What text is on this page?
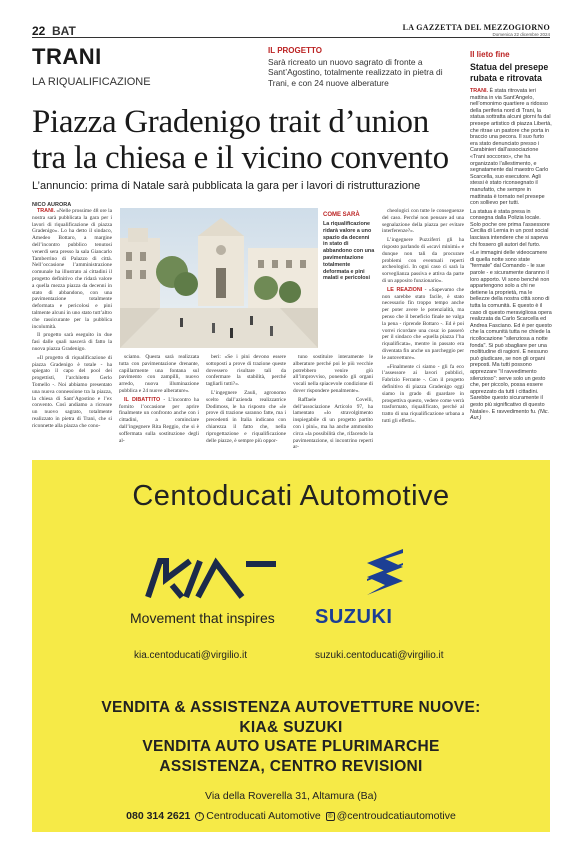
22 BAT	LA GAZZETTA DEL MEZZOGIORNO
Domenica 22 dicembre 2024
TRANI
LA RIQUALIFICAZIONE
IL PROGETTO
Sarà ricreato un nuovo sagrato di fronte a Sant’Agostino, totalmente realizzato in pietra di Trani, e con 24 nuove alberature
Piazza Gradenigo trait d’union
tra la chiesa e il vicino convento
L’annuncio: prima di Natale sarà pubblicata la gara per i lavori di ristrutturazione
NICO AURORA

TRANI. «Nelle prossime 48 ore la nostra sarà pubblicata la gara per i lavori di riqualificazione di piazza Gradenigo». Lo ha detto il sindaco, Amedeo Bottaro, a margine dell’incontro pubblico tenutosi venerdì sera presso la sala Giancarlo Tamberrino di Palazzo di città. Nell’occasione l’amministrazione comunale ha illustrato ai cittadini il progetto definitivo che ridarà valore a quella mezza piazza da decenni in stato di abbandono, con una pavimentazione totalmente deformata e pericolosi e pini talmente alcuni in uno stato tutt’altro che rassicurante per la pubblica incolumità.

Il progetto sarà eseguito in due fasi dalle quali nascerà di fatto la nuova piazza Gradenigo.

«Il progetto di riqualificazione di piazza Gradenigo è totale - ha spiegato il capo del pool dei progettisti, l’architetto Gerlo Tomello -. Noi abbiamo presentato una nuova connessione tra la piazza, la chiesa di Sant’Agostino e l’ex convento. Così andiamo a ricreare un nuovo sagrato, totalmente realizzato in pietra di Trani, che si riconnette alla piazza che cono-

COME SARÀ
La riqualificazione ridarà valore a uno spazio da decenni in stato di abbandono con una pavimentazione totalmente deformata e pini malati e pericolosi

sciamo. Questa sarà realizzata tutta con pavimentazione drenante, capillarmente una fontana sul pavimento con zampilli, nuovo arredo, nuova illuminazione pubblica e 24 nuove alberature».

IL DIBATTITO - L’incontro ha fornito l’occasione per aprire finalmente un confronto anche con i cittadini, a cominciare dall’ingegnere Rita Reggio, che si è soffermata sulla sostituzione degli al-

beri: «Se i pini devono essere sottoposti a prove di trazione queste dovessero risultare tali da confermare la stabilità, perché tagliarli tutti?».

L’ingegnere Zauli, agronomo scelto dall’azienda realizzatrice Dodimoss, le ha risposto che «le prove di trazione saranno fatte, ma i precedenti in Italia indicano con chiarezza il fatto che, nella riprogettazione e riqualificazione delle piazze, è sempre più oppor-

tuno sostituire interamente le alberature perché poi le più vecchie potrebbero venire giù all’improvviso, ponendo gli organi vocali nella spiacevole condizione di dover rispondere penalmente».

Raffaele Covelli, dell’associazione Articolo 97, ha lamentato «lo stravolgimento inspiegabile di un progetto partito con i pini», ma ha anche ammonito circa «la possibilità che, rifacendo la pavimentazione, si incontrino reperti ar-

cheologici con tutte le conseguenze del caso. Perché non pensare ad una segnalazione della piazza per evitare interferenze?».

L’ingegnere Puzziferri gli ha risposto parlando di «scavi minimi» e dunque non tali da procurare problemi con eventuali reperti archeologici. In ogni caso ci sarà la sorveglianza passiva e attiva da parte di un apposito funzionario».

LE REAZIONI - «Sapevamo che non sarebbe stato facile, è stato necessario fin troppo tempo anche per poter avere le potenzialità, ma penso che il beneficio finale ne valga la pena - riprende Bottaro -. Ed è poi vorrei ricordare una cosa: io passerò per il sindaco che «quella piazza l’ha riqualificata», mentre in passato era diventata fin anche un parcheggio per le autovetture».

«Finalmente ci siamo - gli fa eco l’assessore ai lavori pubblici, Fabrizio Ferrante -. Con il progetto definitivo di piazza Gradenigo oggi siamo in grado di guardare in prospettiva questo, vedere come verrà trasformato, riqualificato, perché al tratto di una riqualificazione urbana a tutti gli effetti».

Il lieto fine
Statua del presepe rubata e ritrovata

TRANI. È stata ritrovata ieri mattina in via Sant’Angelo, nell’omonimo quartiere a ridosso della periferia nord di Trani, la statua sottratta alcuni giorni fa dal presepe artistico di piazza Libertà, che ritrae un pastore che porta in braccio una pecora. Il suo furto era stato denunciato presso i Carabinieri dall’associazione «Trani soccorso», che ha organizzato l’allestimento, e segnatamente dal maestro Carlo Scarcella, suo esecutore. Agli stessi è stato riconsegnato il manufatto, che sempre in mattinata è tornato nel presepe con sollievo per tutti.

La statua è stata presa in consegna dalla Polizia locale. Solo poche ore prima l’assessore Cecilia di Lernia in un post social lasciava intendere che si sapeva chi fossero gli autori del furto.

«Le immagini delle videocamere di quella notte sono state "fermate" dal Comando - le sue parole - e sicuramente daranno il loro apporto. Vi sono benché non appartengono solo a chi ne detiene la proprietà, ma le bellezze della nostra città sono di tutta la comunità. E questo è il caso di questo meravigliosa opera realizzata da Carlo Scarcella ed Andrea Fasciano. Ed è per questo che la comunità tutta ne chiede la ricollocazione "silenziosa a notte fonda". Si può sbagliare per una moltitudine di ragioni. E nessuno può giudicare, se non gli organi preposti. Ma tutti possono apprezzare "il ravvedimento silenzioso": serve solo un gesto che, per piccolo, possa essere apprezzato da tutti i cittadini. Sarebbe questo sicuramente il gesto più significativo di questo Natale». E ravvedimento fu. (Nic. Aur.)

Centoducati Automotive
Movement that inspires SUZUKI
kia.centoducati@virgilio.it	suzuki.centoducati@virgilio.it
VENDITA & ASSISTENZA AUTOVETTURE NUOVE:
KIA& SUZUKI
VENDITA AUTO USATE PLURIMARCHE
ASSISTENZA, CENTRO REVISIONI
Via della Roverella 31, Altamura (Ba)
080 314 2621 f Centroducati Automotive ◎ @centroudcatiautomotive
